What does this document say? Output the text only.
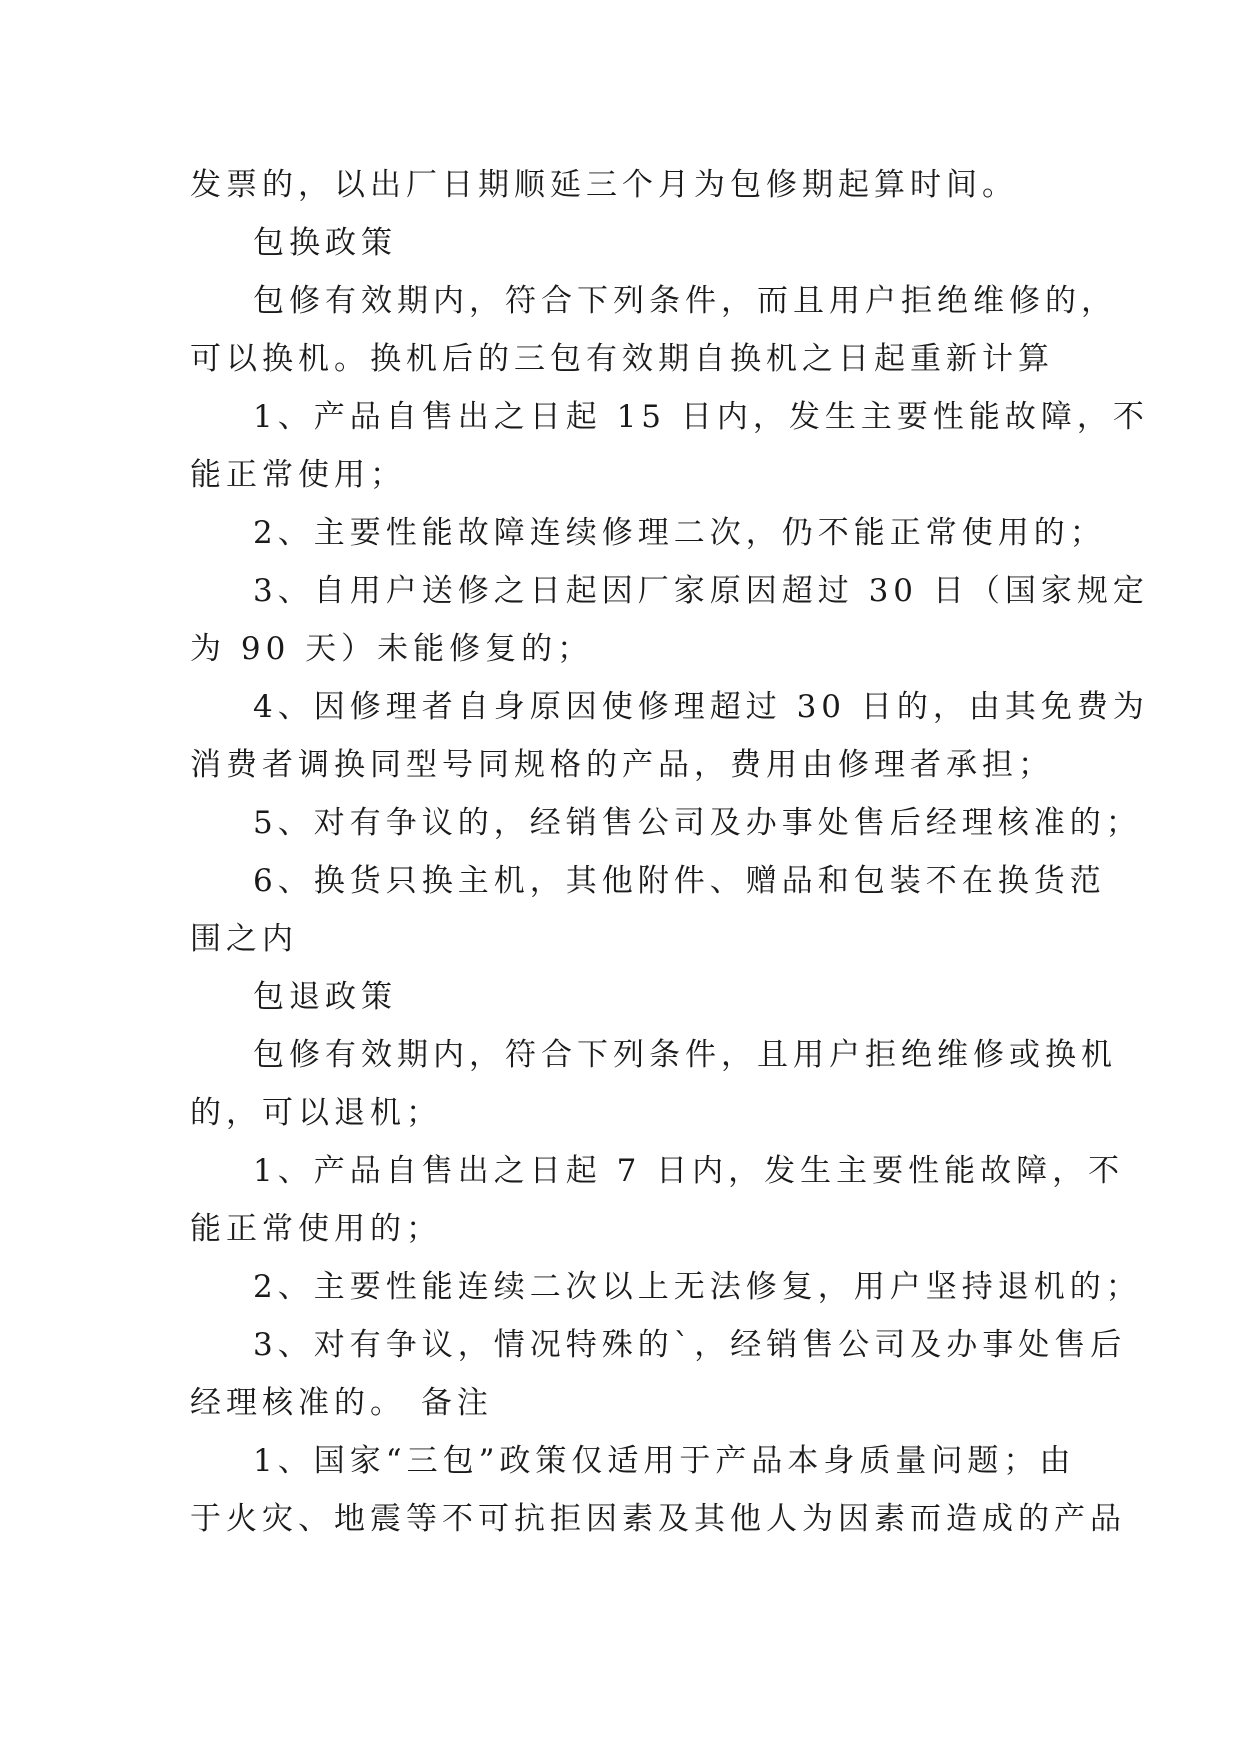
发票的，以出厂日期顺延三个月为包修期起算时间。
包换政策
包修有效期内，符合下列条件，而且用户拒绝维修的，
可以换机。换机后的三包有效期自换机之日起重新计算
1、产品自售出之日起 15 日内，发生主要性能故障，不
能正常使用；
2、主要性能故障连续修理二次，仍不能正常使用的；
3、自用户送修之日起因厂家原因超过 30 日（国家规定
为 90 天）未能修复的；
4、因修理者自身原因使修理超过 30 日的，由其免费为
消费者调换同型号同规格的产品，费用由修理者承担；
5、对有争议的，经销售公司及办事处售后经理核准的；
6、换货只换主机，其他附件、赠品和包装不在换货范
围之内
包退政策
包修有效期内，符合下列条件，且用户拒绝维修或换机
的，可以退机；
1、产品自售出之日起 7 日内，发生主要性能故障，不
能正常使用的；
2、主要性能连续二次以上无法修复，用户坚持退机的；
3、对有争议，情况特殊的`，经销售公司及办事处售后
经理核准的。 备注
1、国家“三包”政策仅适用于产品本身质量问题；由
于火灾、地震等不可抗拒因素及其他人为因素而造成的产品
